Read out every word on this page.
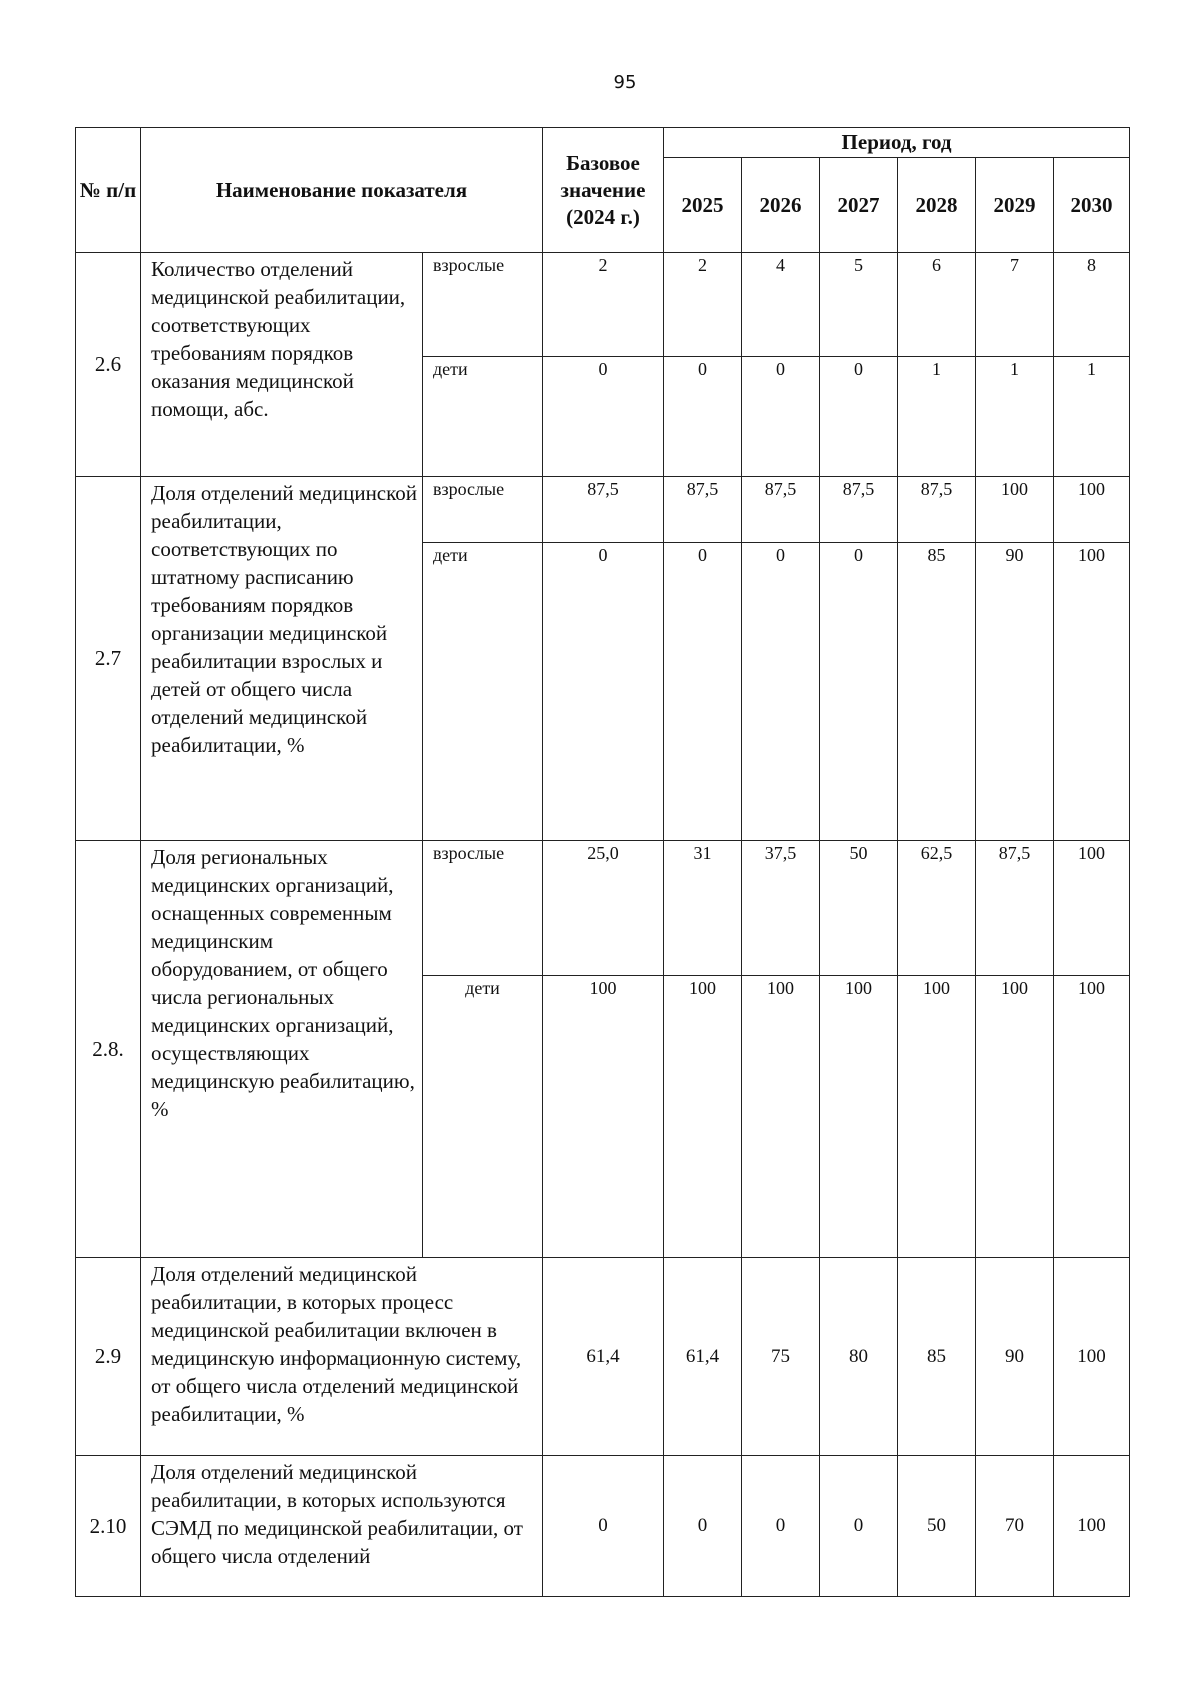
95
№ п/п	Наименование показателя		Базовое значение (2024 г.)	Период, год					
				2025	2026	2027	2028	2029	2030
2.6	Количество отделений медицинской реабилитации, соответствующих требованиям порядков оказания медицинской помощи, абс.	взрослые	2	2	4	5	6	7	8
		дети	0	0	0	0	1	1	1
2.7	Доля отделений медицинской реабилитации, соответствующих по штатному расписанию требованиям порядков организации медицинской реабилитации взрослых и детей от общего числа отделений медицинской реабилитации, %	взрослые	87,5	87,5	87,5	87,5	87,5	100	100
		дети	0	0	0	0	85	90	100
2.8.	Доля региональных медицинских организаций, оснащенных современным медицинским оборудованием, от общего числа региональных медицинских организаций, осуществляющих медицинскую реабилитацию, %	взрослые	25,0	31	37,5	50	62,5	87,5	100
		дети	100	100	100	100	100	100	100
2.9	Доля отделений медицинской реабилитации, в которых процесс медицинской реабилитации включен в медицинскую информационную систему, от общего числа отделений медицинской реабилитации, %		61,4	61,4	75	80	85	90	100
2.10	Доля отделений медицинской реабилитации, в которых используются СЭМД по медицинской реабилитации, от общего числа отделений		0	0	0	0	50	70	100
